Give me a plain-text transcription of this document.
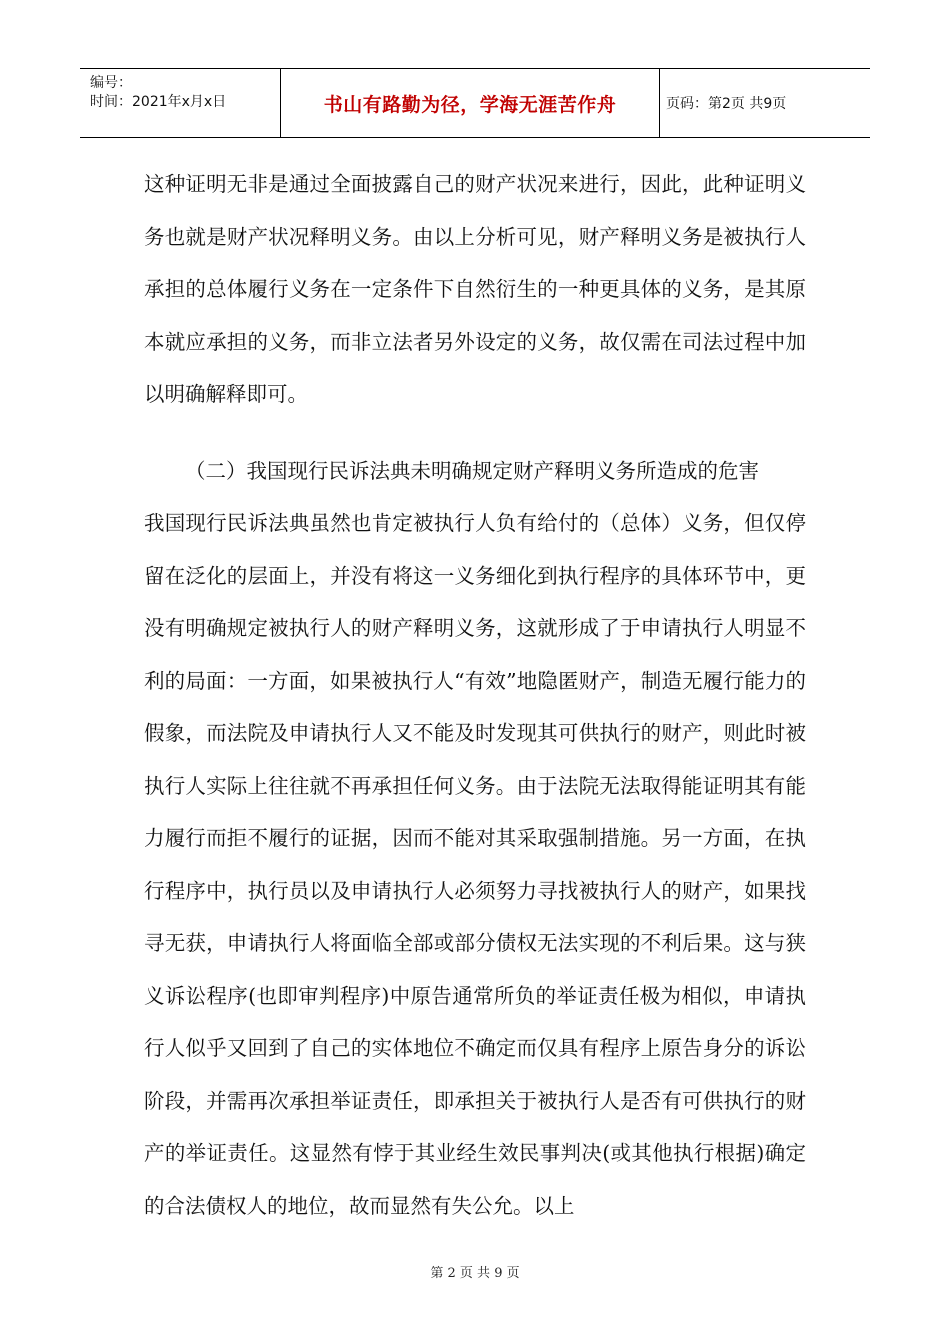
编号：
时间：2021年x月x日	书山有路勤为径，学海无涯苦作舟	页码：第2页 共9页

这种证明无非是通过全面披露自己的财产状况来进行，因此，此种证明义务也就是财产状况释明义务。由以上分析可见，财产释明义务是被执行人承担的总体履行义务在一定条件下自然衍生的一种更具体的义务，是其原本就应承担的义务，而非立法者另外设定的义务，故仅需在司法过程中加以明确解释即可。

（二）我国现行民诉法典未明确规定财产释明义务所造成的危害

我国现行民诉法典虽然也肯定被执行人负有给付的（总体）义务，但仅停留在泛化的层面上，并没有将这一义务细化到执行程序的具体环节中，更没有明确规定被执行人的财产释明义务，这就形成了于申请执行人明显不利的局面：一方面，如果被执行人“有效”地隐匿财产，制造无履行能力的假象，而法院及申请执行人又不能及时发现其可供执行的财产，则此时被执行人实际上往往就不再承担任何义务。由于法院无法取得能证明其有能力履行而拒不履行的证据，因而不能对其采取强制措施。另一方面，在执行程序中，执行员以及申请执行人必须努力寻找被执行人的财产，如果找寻无获，申请执行人将面临全部或部分债权无法实现的不利后果。这与狭义诉讼程序(也即审判程序)中原告通常所负的举证责任极为相似，申请执行人似乎又回到了自己的实体地位不确定而仅具有程序上原告身分的诉讼阶段，并需再次承担举证责任，即承担关于被执行人是否有可供执行的财产的举证责任。这显然有悖于其业经生效民事判决(或其他执行根据)确定的合法债权人的地位，故而显然有失公允。以上

第 2 页 共 9 页
